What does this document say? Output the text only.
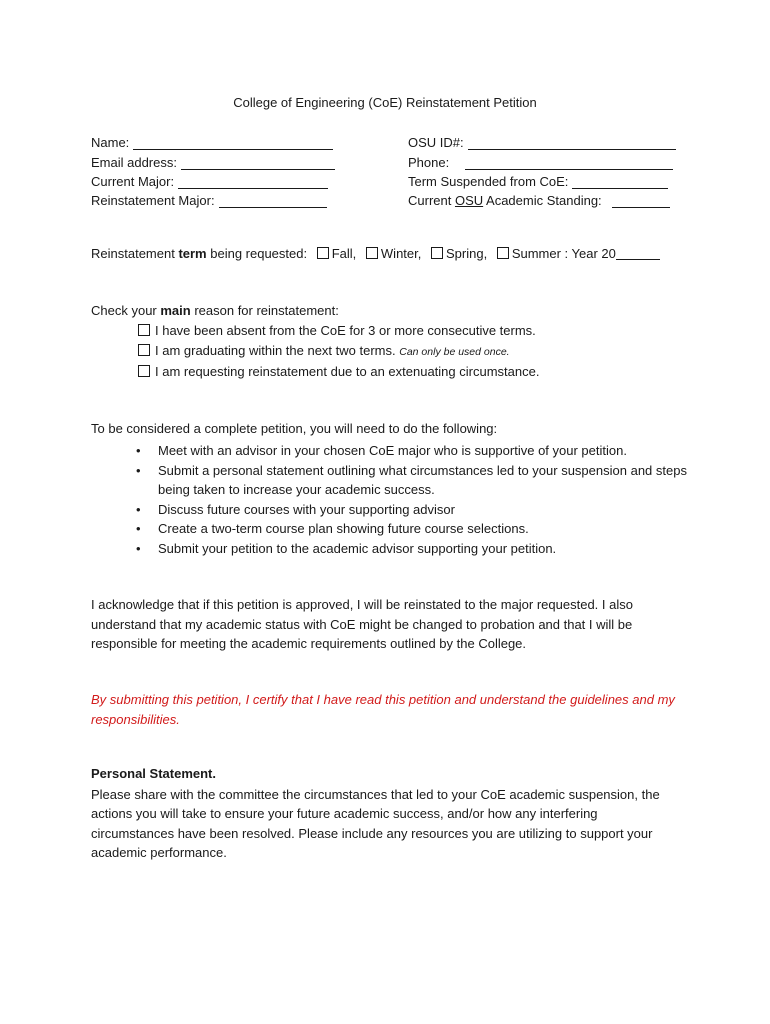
College of Engineering (CoE) Reinstatement Petition
Name:
Email address:
Current Major:
Reinstatement Major:
OSU ID#:
Phone:
Term Suspended from CoE:
Current OSU Academic Standing:
Reinstatement term being requested: Fall, Winter, Spring, Summer : Year 20
Check your main reason for reinstatement:
I have been absent from the CoE for 3 or more consecutive terms.
I am graduating within the next two terms. Can only be used once.
I am requesting reinstatement due to an extenuating circumstance.
To be considered a complete petition, you will need to do the following:
• Meet with an advisor in your chosen CoE major who is supportive of your petition.
• Submit a personal statement outlining what circumstances led to your suspension and steps being taken to increase your academic success.
• Discuss future courses with your supporting advisor
• Create a two-term course plan showing future course selections.
• Submit your petition to the academic advisor supporting your petition.
I acknowledge that if this petition is approved, I will be reinstated to the major requested. I also understand that my academic status with CoE might be changed to probation and that I will be responsible for meeting the academic requirements outlined by the College.
By submitting this petition, I certify that I have read this petition and understand the guidelines and my responsibilities.
Personal Statement.
Please share with the committee the circumstances that led to your CoE academic suspension, the actions you will take to ensure your future academic success, and/or how any interfering circumstances have been resolved. Please include any resources you are utilizing to support your academic performance.
